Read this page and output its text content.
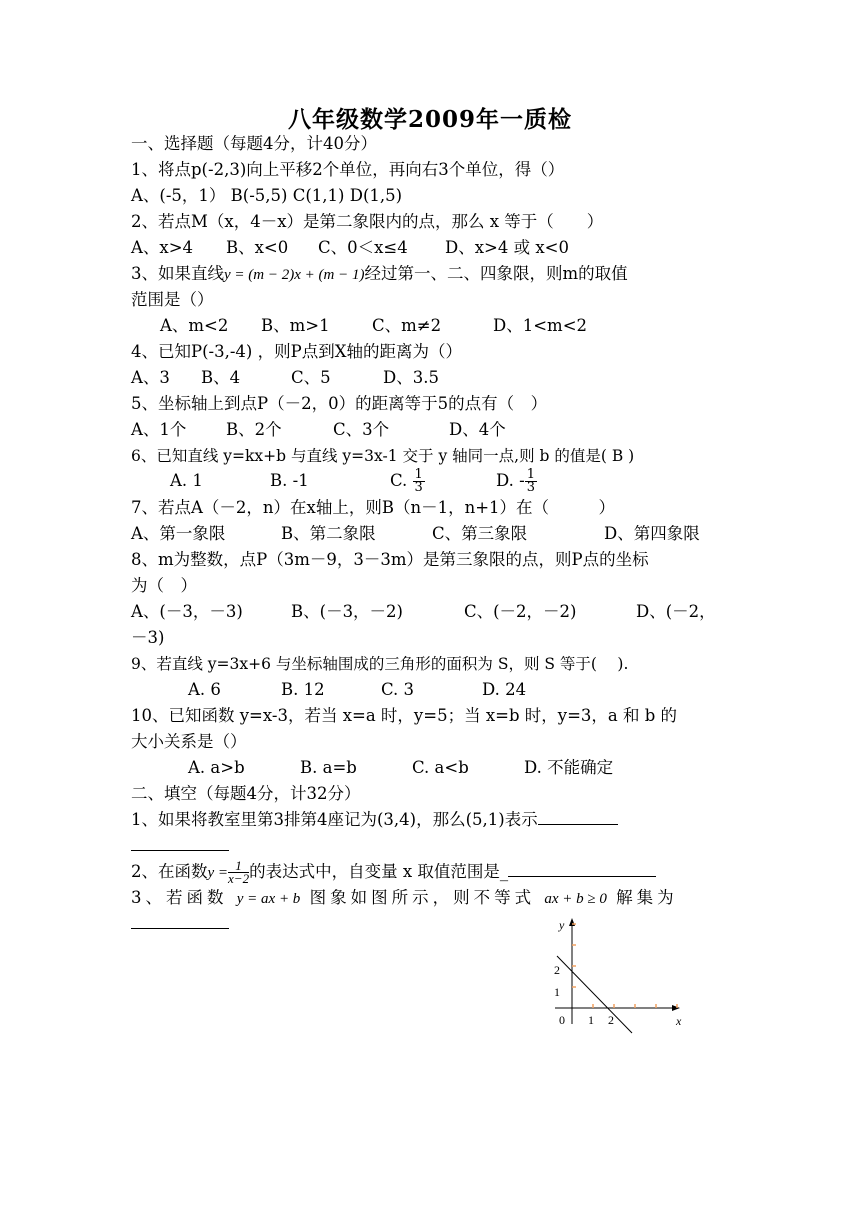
八年级数学2009年一质检
一、选择题（每题4分，计40分）
1、将点p(-2,3)向上平移2个单位，再向右3个单位，得（）
A、(-5，1） B(-5,5) C(1,1) D(1,5)
2、若点M（x，4－x）是第二象限内的点，那么 x 等于（　　）
A、x>4 B、x<0 C、0＜x≤4 D、x>4 或 x<0
3、如果直线y = (m − 2)x + (m − 1)经过第一、二、四象限，则m的取值
范围是（）
A、m<2 B、m>1	C、m≠2	D、1<m<2
4、已知P(-3,-4) ，则P点到X轴的距离为（）
A、3 B、4	C、5	D、3.5
5、坐标轴上到点P（－2，0）的距离等于5的点有（　）
A、1个 B、2个	C、3个	D、4个
6、已知直线 y=kx+b 与直线 y=3x-1 交于 y 轴同一点,则 b 的值是( B )
A. 1	B. -1	C. $\frac{1}{3}$	D. - $\frac{1}{3}$
7、若点A（－2，n）在x轴上，则B（n－1，n+1）在（　　　）
A、第一象限	B、第二象限	C、第三象限	D、第四象限
8、m为整数，点P（3m－9，3－3m）是第三象限的点，则P点的坐标
为（　）
A、(－3，－3)	B、(－3，－2)	C、(－2，－2)	D、(－2，
－3)
9、若直线 y=3x+6 与坐标轴围成的三角形的面积为 S，则 S 等于(　 ).
A. 6	B. 12	C. 3	D. 24
10、已知函数 y=x-3，若当 x=a 时，y=5；当 x=b 时，y=3，a 和 b 的
大小关系是（）
A. a>b	B. a=b	C. a<b	D. 不能确定
二、填空（每题4分，计32分）
1、如果将教室里第3排第4座记为(3,4)，那么(5,1)表示
2、在函数$y = \frac{1}{x-2}$ 的表达式中，自变量 x 取值范围是_
3、若函数 y = ax + b 图象如图所示，则不等式 ax + b ≥ 0 解集为
y
x
0 1 2
1
2
